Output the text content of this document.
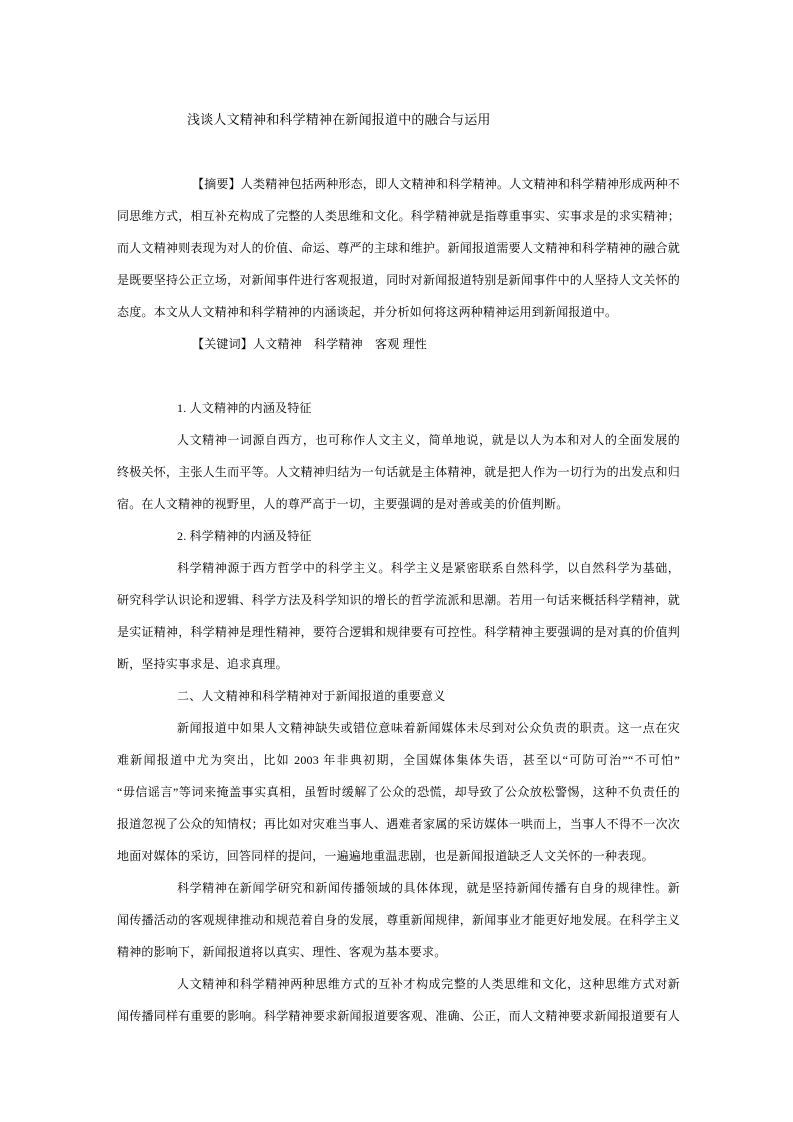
浅谈人文精神和科学精神在新闻报道中的融合与运用
【摘要】人类精神包括两种形态，即人文精神和科学精神。人文精神和科学精神形成两种不
同思维方式，相互补充构成了完整的人类思维和文化。科学精神就是指尊重事实、实事求是的求实精神；
而人文精神则表现为对人的价值、命运、尊严的主球和维护。新闻报道需要人文精神和科学精神的融合就
是既要坚持公正立场，对新闻事件进行客观报道，同时对新闻报道特别是新闻事件中的人坚持人文关怀的
态度。本文从人文精神和科学精神的内涵谈起，并分析如何将这两种精神运用到新闻报道中。
【关键词】人文精神　科学精神　客观 理性
1. 人文精神的内涵及特征
人文精神一词源自西方，也可称作人文主义，简单地说，就是以人为本和对人的全面发展的
终极关怀，主张人生而平等。人文精神归结为一句话就是主体精神，就是把人作为一切行为的出发点和归
宿。在人文精神的视野里，人的尊严高于一切，主要强调的是对善或美的价值判断。
2. 科学精神的内涵及特征
科学精神源于西方哲学中的科学主义。科学主义是紧密联系自然科学，以自然科学为基础，
研究科学认识论和逻辑、科学方法及科学知识的增长的哲学流派和思潮。若用一句话来概括科学精神，就
是实证精神，科学精神是理性精神，要符合逻辑和规律要有可控性。科学精神主要强调的是对真的价值判
断，坚持实事求是、追求真理。
二、人文精神和科学精神对于新闻报道的重要意义
新闻报道中如果人文精神缺失或错位意味着新闻媒体未尽到对公众负责的职责。这一点在灾
难新闻报道中尤为突出，比如 2003 年非典初期，全国媒体集体失语，甚至以“可防可治”“不可怕”
“毋信谣言”等词来掩盖事实真相，虽暂时缓解了公众的恐慌，却导致了公众放松警惕，这种不负责任的
报道忽视了公众的知情权；再比如对灾难当事人、遇难者家属的采访媒体一哄而上，当事人不得不一次次
地面对媒体的采访，回答同样的提问，一遍遍地重温悲剧，也是新闻报道缺乏人文关怀的一种表现。
科学精神在新闻学研究和新闻传播领域的具体体现，就是坚持新闻传播有自身的规律性。新
闻传播活动的客观规律推动和规范着自身的发展，尊重新闻规律，新闻事业才能更好地发展。在科学主义
精神的影响下，新闻报道将以真实、理性、客观为基本要求。
人文精神和科学精神两种思维方式的互补才构成完整的人类思维和文化，这种思维方式对新
闻传播同样有重要的影响。科学精神要求新闻报道要客观、准确、公正，而人文精神要求新闻报道要有人
